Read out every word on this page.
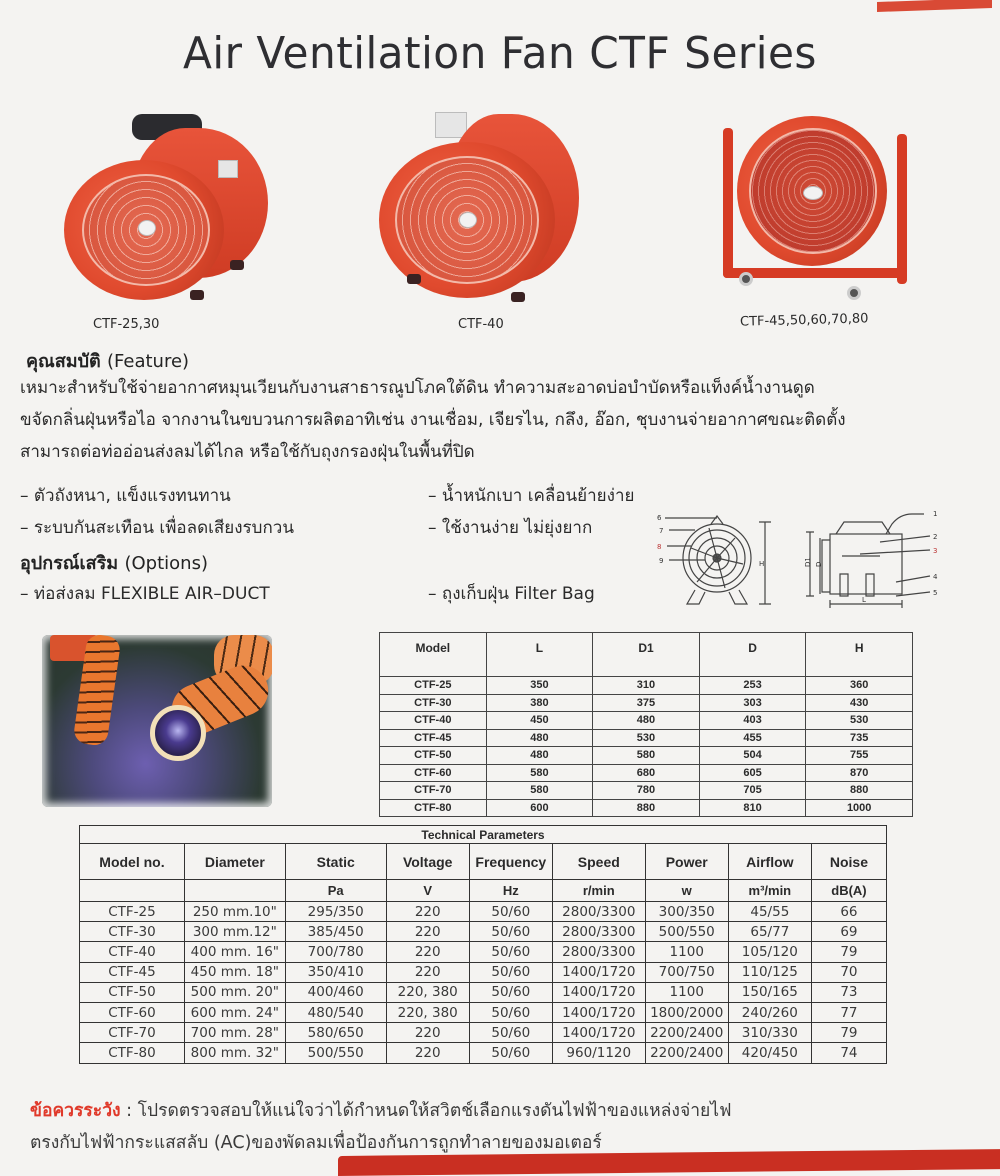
Air Ventilation Fan CTF Series
CTF-25,30	CTF-40	CTF-45,50,60,70,80
คุณสมบัติ (Feature)
เหมาะสำหรับใช้จ่ายอากาศหมุนเวียนกับงานสาธารณูปโภคใต้ดิน ทำความสะอาดบ่อบำบัดหรือแท็งค์น้ำงานดูด
ขจัดกลิ่นฝุ่นหรือไอ จากงานในขบวนการผลิตอาทิเช่น งานเชื่อม, เจียรไน, กลึง, อ๊อก, ชุบงานจ่ายอากาศขณะติดตั้ง
สามารถต่อท่ออ่อนส่งลมได้ไกล หรือใช้กับถุงกรองฝุ่นในพื้นที่ปิด
– ตัวถังหนา, แข็งแรงทนทาน
– ระบบกันสะเทือน เพื่อลดเสียงรบกวน
– น้ำหนักเบา เคลื่อนย้ายง่าย
– ใช้งานง่าย ไม่ยุ่งยาก
อุปกรณ์เสริม (Options)
– ท่อส่งลม FLEXIBLE AIR–DUCT	– ถุงเก็บฝุ่น Filter Bag
6
7
8
9	H
1
2
3
4
5
D1 D
L
Model	L	D1	D	H
CTF-25	350	310	253	360
CTF-30	380	375	303	430
CTF-40	450	480	403	530
CTF-45	480	530	455	735
CTF-50	480	580	504	755
CTF-60	580	680	605	870
CTF-70	580	780	705	880
CTF-80	600	880	810	1000
Technical Parameters								
Model no.	Diameter	Static	Voltage	Frequency	Speed	Power	Airflow	Noise
		Pa	V	Hz	r/min	w	m³/min	dB(A)
CTF-25	250 mm.10"	295/350	220	50/60	2800/3300	300/350	45/55	66
CTF-30	300 mm.12"	385/450	220	50/60	2800/3300	500/550	65/77	69
CTF-40	400 mm. 16"	700/780	220	50/60	2800/3300	1100	105/120	79
CTF-45	450 mm. 18"	350/410	220	50/60	1400/1720	700/750	110/125	70
CTF-50	500 mm. 20"	400/460	220, 380	50/60	1400/1720	1100	150/165	73
CTF-60	600 mm. 24"	480/540	220, 380	50/60	1400/1720	1800/2000	240/260	77
CTF-70	700 mm. 28"	580/650	220	50/60	1400/1720	2200/2400	310/330	79
CTF-80	800 mm. 32"	500/550	220	50/60	960/1120	2200/2400	420/450	74
ข้อควรระวัง : โปรดตรวจสอบให้แน่ใจว่าได้กำหนดให้สวิตช์เลือกแรงดันไฟฟ้าของแหล่งจ่ายไฟ
ตรงกับไฟฟ้ากระแสสลับ (AC)ของพัดลมเพื่อป้องกันการถูกทำลายของมอเตอร์
